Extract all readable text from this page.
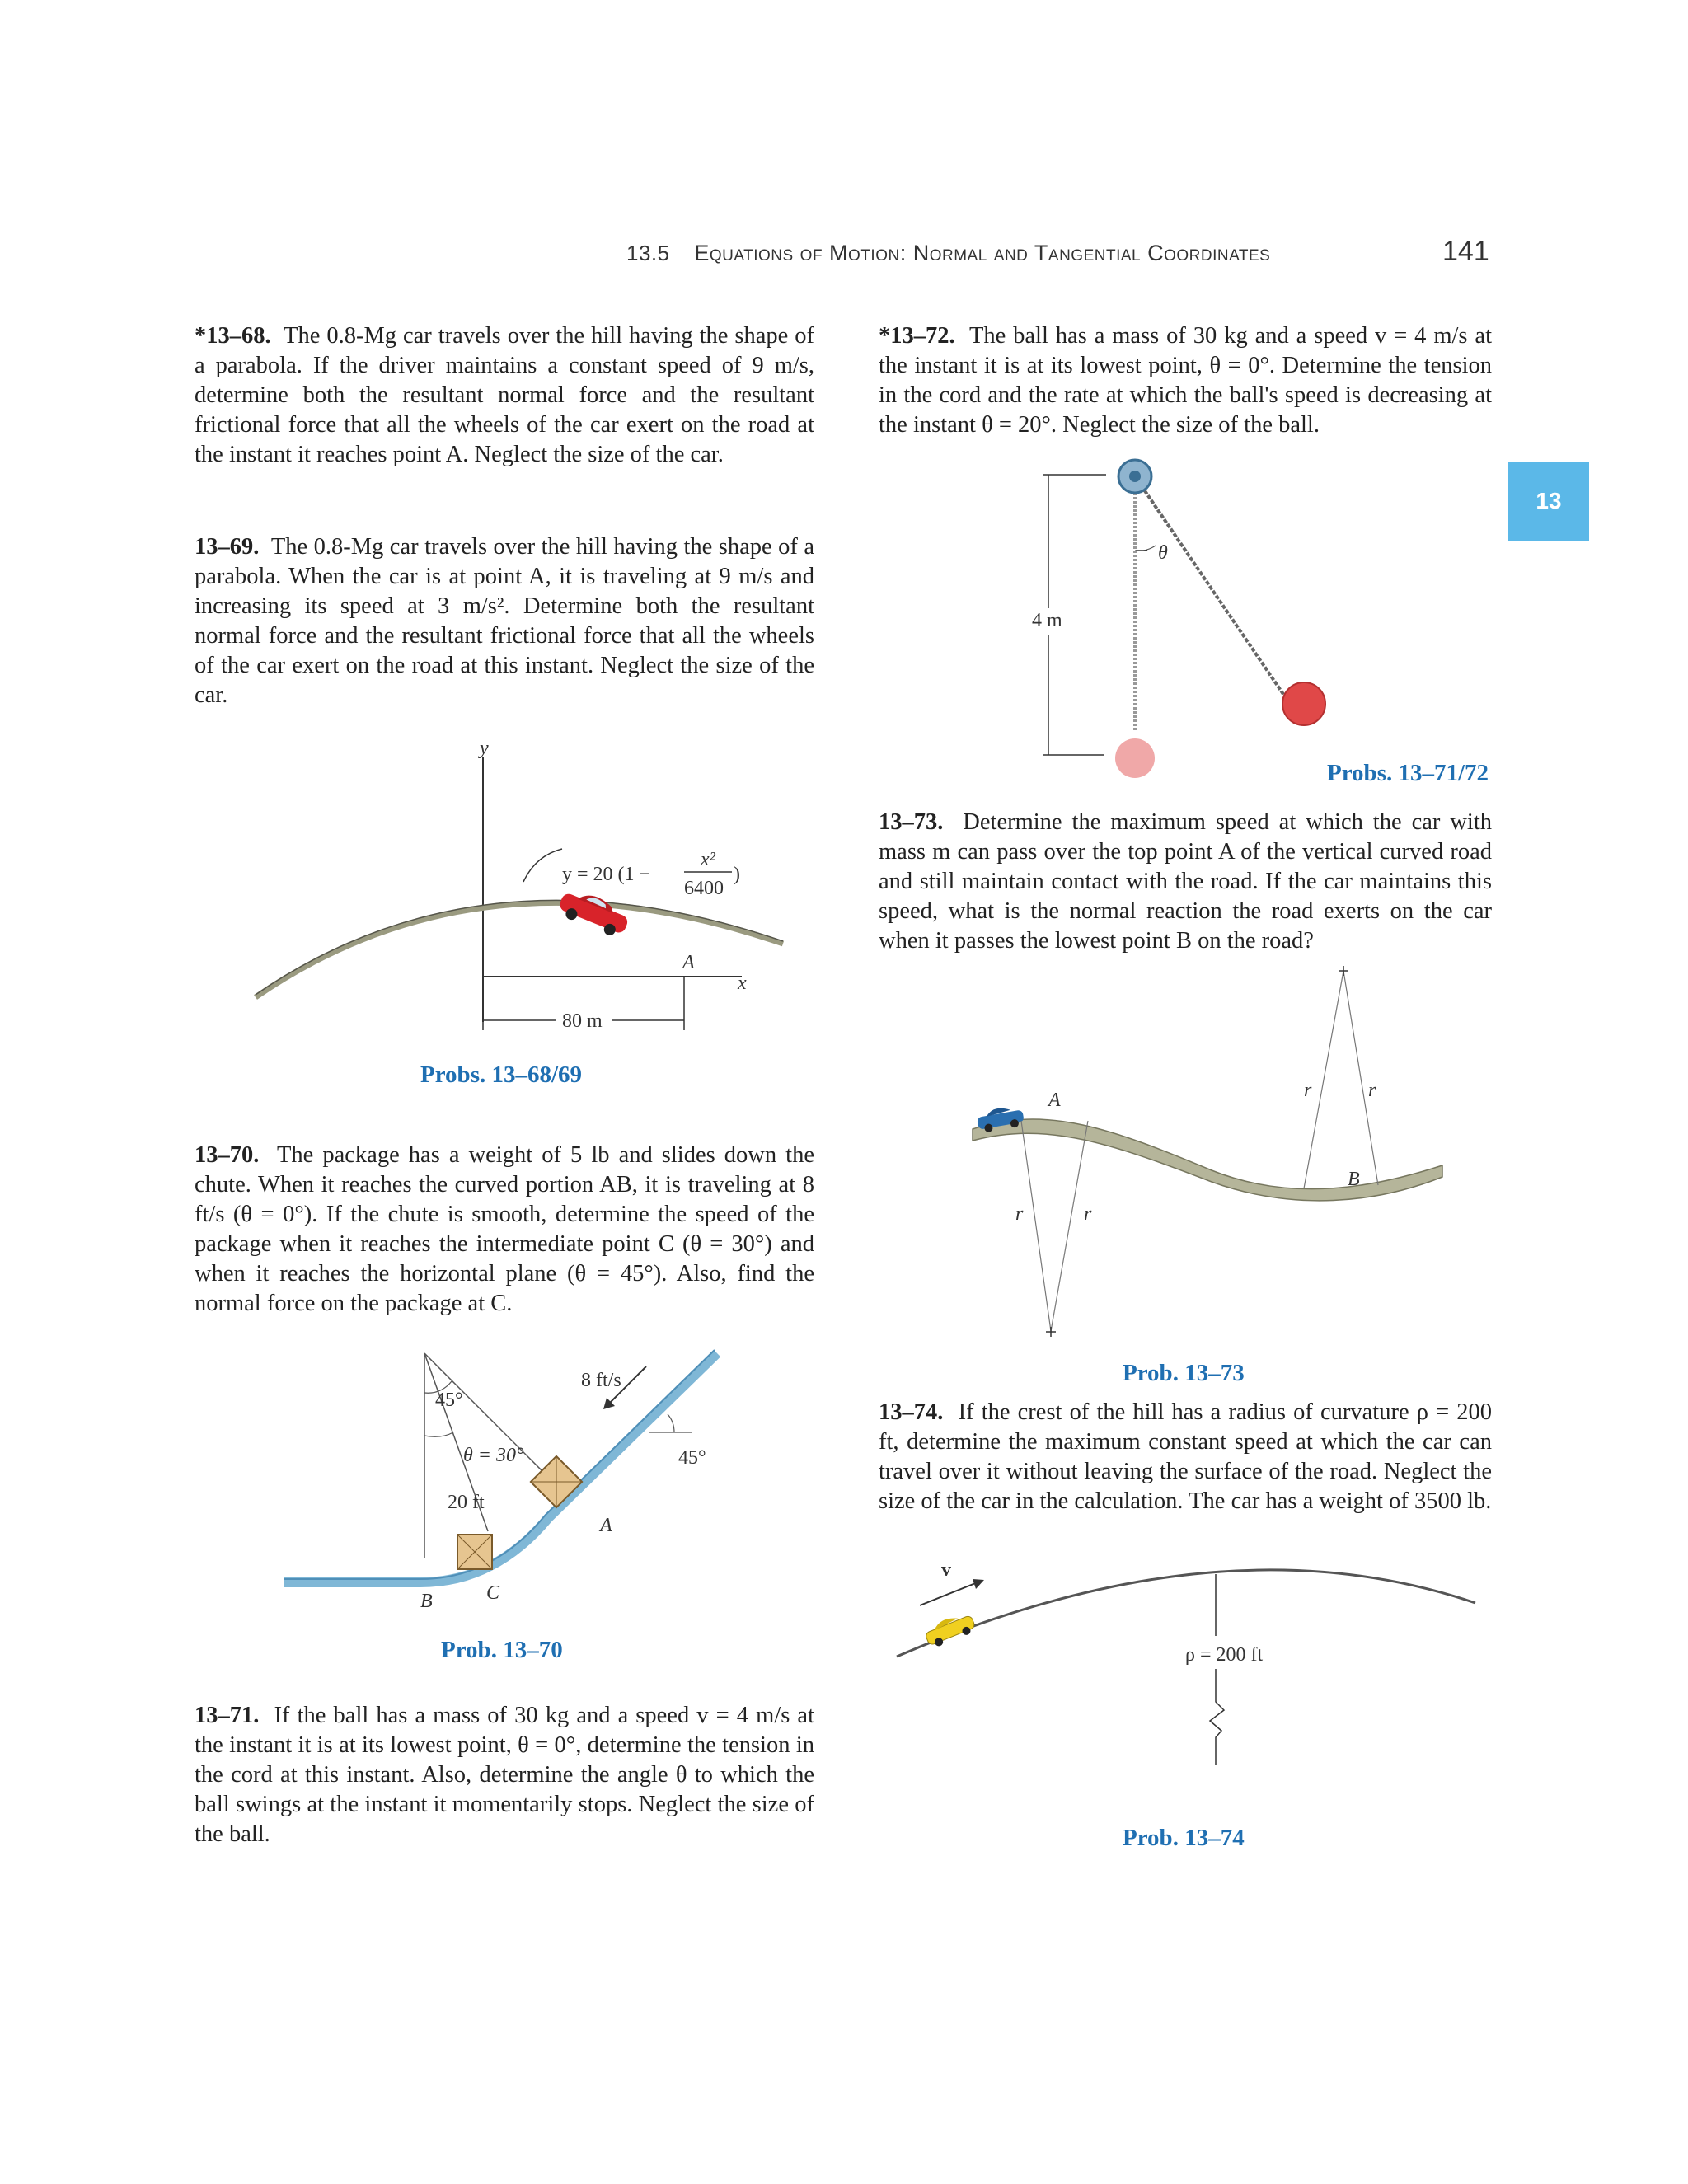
13.5 Equations of Motion: Normal and Tangential Coordinates	141
13
*13–68. The 0.8-Mg car travels over the hill having the shape of a parabola. If the driver maintains a constant speed of 9 m/s, determine both the resultant normal force and the resultant frictional force that all the wheels of the car exert on the road at the instant it reaches point A. Neglect the size of the car.
13–69. The 0.8-Mg car travels over the hill having the shape of a parabola. When the car is at point A, it is traveling at 9 m/s and increasing its speed at 3 m/s². Determine both the resultant normal force and the resultant frictional force that all the wheels of the car exert on the road at this instant. Neglect the size of the car.
y
x
y = 20 (1 −
x²
6400
)
A
80 m
Probs. 13–68/69
13–70. The package has a weight of 5 lb and slides down the chute. When it reaches the curved portion AB, it is traveling at 8 ft/s (θ = 0°). If the chute is smooth, determine the speed of the package when it reaches the intermediate point C (θ = 30°) and when it reaches the horizontal plane (θ = 45°). Also, find the normal force on the package at C.
45°
θ = 30°
20 ft
8 ft/s
45°
A
B	C
Prob. 13–70
13–71. If the ball has a mass of 30 kg and a speed v = 4 m/s at the instant it is at its lowest point, θ = 0°, determine the tension in the cord at this instant. Also, determine the angle θ to which the ball swings at the instant it momentarily stops. Neglect the size of the ball.
*13–72. The ball has a mass of 30 kg and a speed v = 4 m/s at the instant it is at its lowest point, θ = 0°. Determine the tension in the cord and the rate at which the ball's speed is decreasing at the instant θ = 20°. Neglect the size of the ball.
4 m
θ
Probs. 13–71/72
13–73. Determine the maximum speed at which the car with mass m can pass over the top point A of the vertical curved road and still maintain contact with the road. If the car maintains this speed, what is the normal reaction the road exerts on the car when it passes the lowest point B on the road?
A
r	r
B
r	r
Prob. 13–73
13–74. If the crest of the hill has a radius of curvature ρ = 200 ft, determine the maximum constant speed at which the car can travel over it without leaving the surface of the road. Neglect the size of the car in the calculation. The car has a weight of 3500 lb.
v
ρ = 200 ft
Prob. 13–74
